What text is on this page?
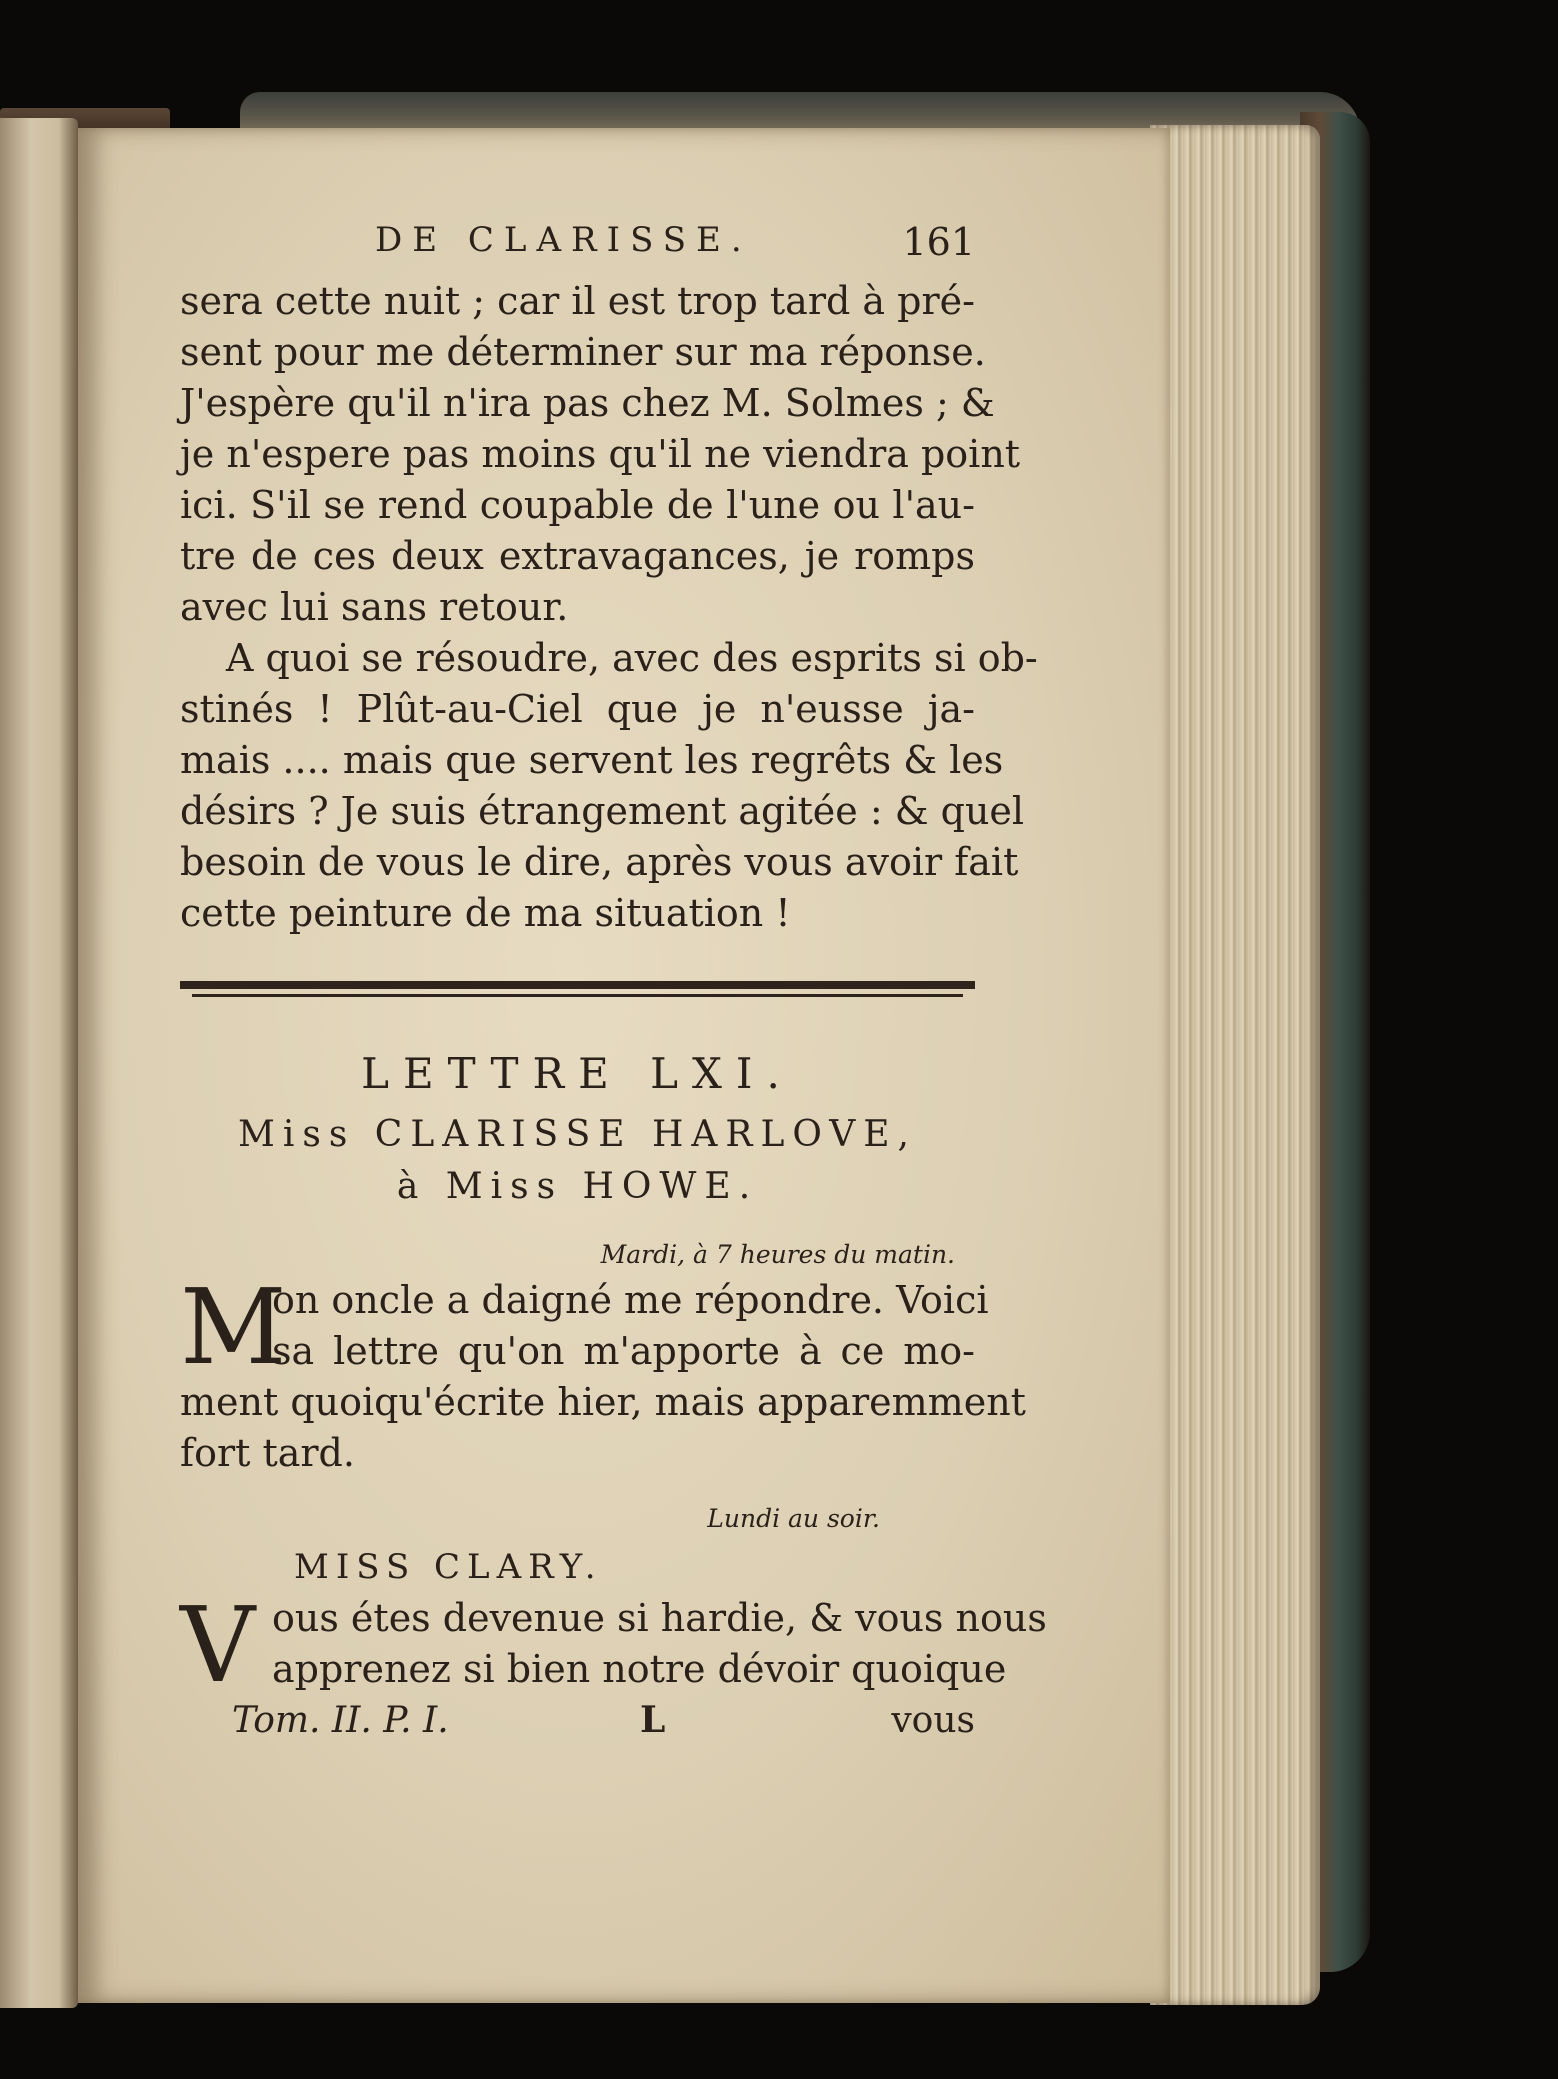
DE CLARISSE.	161
sera cette nuit ; car il est trop tard à pré-
sent pour me déterminer sur ma réponse.
J'espère qu'il n'ira pas chez M. Solmes ; &
je n'espere pas moins qu'il ne viendra point
ici. S'il se rend coupable de l'une ou l'au-
tre de ces deux extravagances, je romps
avec lui sans retour.
A quoi se résoudre, avec des esprits si ob-
stinés ! Plût-au-Ciel que je n'eusse ja-
mais .... mais que servent les regrêts & les
désirs ? Je suis étrangement agitée : & quel
besoin de vous le dire, après vous avoir fait
cette peinture de ma situation !
LETTRE LXI.
Miss CLARISSE HARLOVE,
à Miss HOWE.
Mardi, à 7 heures du matin.
M
on oncle a daigné me répondre. Voici
sa lettre qu'on m'apporte à ce mo-
ment quoiqu'écrite hier, mais apparemment
fort tard.
Lundi au soir.
MISS CLARY.
V ous étes devenue si hardie, & vous nous
apprenez si bien notre dévoir quoique
Tom. II. P. I.	L	vous
